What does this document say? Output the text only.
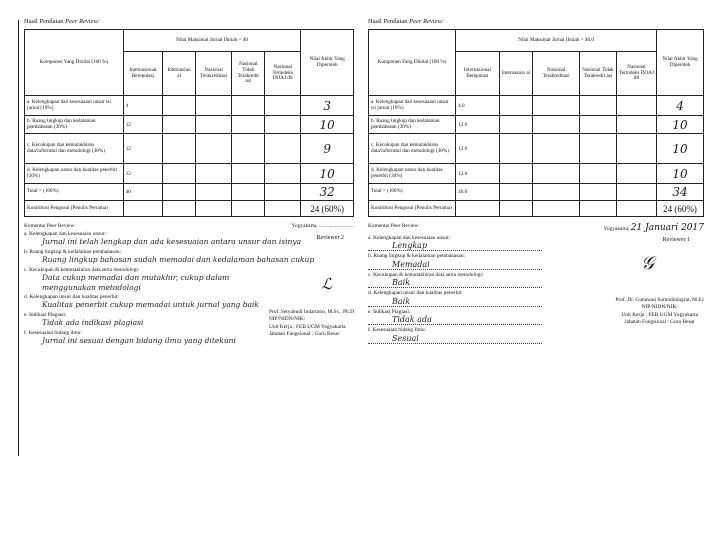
Hasil Penilaian Peer Review:
Komponen Yang Dinilai (100 %)	Nilai Maksimal Jurnal Ilmiah = 40					Nilai Akhir Yang Diperoleh
	Internasional Bereputasi	Internasion al	Nasional Terakreditasi	Nasional Tidak Terakredit asi	Nasional Terindeks DOAJ dll	
a. Kelengkapan dan kesesuaian unsur isi jurnal (10%)	4					3
b. Ruang lingkup dan kedalaman pembahasan (30%)	12					10
c. Kecukupan dan kemutakhiran data/informasi dan metodologi (30%)	12					9
d. Kelengkapan unsur dan kualitas penerbit (30%)	12					10
Total = (100%)	40					32
Kontribusi Pengusul (Penulis Pertama)						24 (60%)
Komentar Peer Review:	Yogyakarta, ..........................
Reviewer 2
a. Kelengkapan dan kesesuaian unsur:
Jurnal ini telah lengkap dan ada kesesuaian antara unsur dan isinya
b. Ruang lingkup & kedalaman pembahasan:
Ruang lingkup bahasan sudah memadai dan kedalaman bahasan cukup
c. Kecukupan & kemutakhiran data serta metodologi:
Data cukup memadai dan mutakhir, cukup dalam menggunakan metodologi
d. Kelengkapan unsur dan kualitas penerbit:
Kualitas penerbit cukup memadai untuk jurnal yang baik
e. Indikasi Plagiasi:
Tidak ada indikasi plagiasi
f. Kesesuaian bidang ilmu:
Jurnal ini sesuai dengan bidang ilmu yang ditekuni
ℒ
Prof. Setyabudi Indartono, M.Sc., Ph.D
NIP/NIDN/NIK:
Unit Kerja : FEB UGM Yogyakarta
Jabatan Fungsional : Guru Besar
Hasil Penilaian Peer Review:
Komponen Yang Dinilai (100 %)	Nilai Maksimal Jurnal Ilmiah = 40.0					Nilai Akhir Yang Diperoleh
	Internasional Bereputasi	Internasion al	Nasional Terakreditasi	Nasional Tidak Terakredit asi	Nasional Terindeks DOAJ dll	
a. Kelengkapan dan kesesuaian unsur isi jurnal (10%)	4.0					4
b. Ruang lingkup dan kedalaman pembahasan (30%)	12.0					10
c. Kecukupan dan kemutakhiran data/informasi dan metodologi (30%)	12.0					10
d. Kelengkapan unsur dan kualitas penerbit (30%)	12.0					10
Total = (100%)	40.0					34
Kontribusi Pengusul (Penulis Pertama)						24 (60%)
Komentar Peer Review:	Yogyakarta, 21 Januari 2017
Reviewer 1
a. Kelengkapan dan kesesuaian unsur:
Lengkap
b. Ruang lingkup & kedalaman pembahasan:
Memadai
c. Kecukupan & kemutakhiran data serta metodologi:
Baik
d. Kelengkapan unsur dan kualitas penerbit:
Baik
e. Indikasi Plagiasi:
Tidak ada
f. Kesesuaian bidang Ilmu:
Sesuai
𝒢
Prof. Dr. Gunawan Sumodiningrat, M.Ec
NIP/NIDN/NIK:
Unit Kerja : FEB UGM Yogyakarta
Jabatan Fungsional : Guru Besar
